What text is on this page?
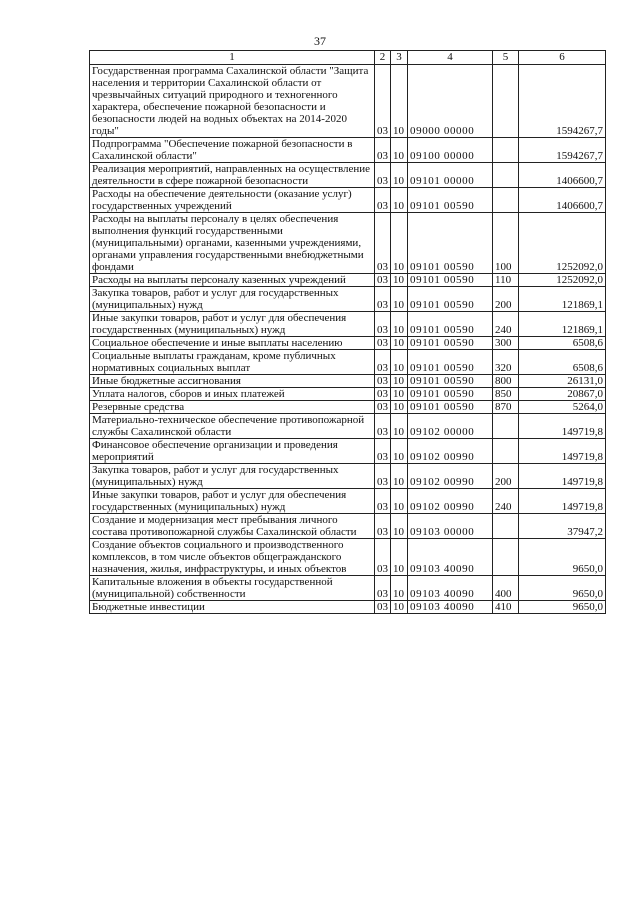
37
1	2	3	4	5	6
Государственная программа Сахалинской области "Защита населения и территории Сахалинской области от чрезвычайных ситуаций природного и техногенного характера, обеспечение пожарной безопасности и безопасности людей на водных объектах на 2014-2020 годы"	03	10	09000 00000		1594267,7
Подпрограмма "Обеспечение пожарной безопасности в Сахалинской области"	03	10	09100 00000		1594267,7
Реализация мероприятий, направленных на осуществление деятельности в сфере пожарной безопасности	03	10	09101 00000		1406600,7
Расходы на обеспечение деятельности (оказание услуг) государственных учреждений	03	10	09101 00590		1406600,7
Расходы на выплаты персоналу в целях обеспечения выполнения функций государственными (муниципальными) органами, казенными учреждениями, органами управления государственными внебюджетными фондами	03	10	09101 00590	100	1252092,0
Расходы на выплаты персоналу казенных учреждений	03	10	09101 00590	110	1252092,0
Закупка товаров, работ и услуг для государственных (муниципальных) нужд	03	10	09101 00590	200	121869,1
Иные закупки товаров, работ и услуг для обеспечения государственных (муниципальных) нужд	03	10	09101 00590	240	121869,1
Социальное обеспечение и иные выплаты населению	03	10	09101 00590	300	6508,6
Социальные выплаты гражданам, кроме публичных нормативных социальных выплат	03	10	09101 00590	320	6508,6
Иные бюджетные ассигнования	03	10	09101 00590	800	26131,0
Уплата налогов, сборов и иных платежей	03	10	09101 00590	850	20867,0
Резервные средства	03	10	09101 00590	870	5264,0
Материально-техническое обеспечение противопожарной службы Сахалинской области	03	10	09102 00000		149719,8
Финансовое обеспечение организации и проведения мероприятий	03	10	09102 00990		149719,8
Закупка товаров, работ и услуг для государственных (муниципальных) нужд	03	10	09102 00990	200	149719,8
Иные закупки товаров, работ и услуг для обеспечения государственных (муниципальных) нужд	03	10	09102 00990	240	149719,8
Создание и модернизация мест пребывания личного состава противопожарной службы Сахалинской области	03	10	09103 00000		37947,2
Создание объектов социального и производственного комплексов, в том числе объектов общегражданского назначения, жилья, инфраструктуры, и иных объектов	03	10	09103 40090		9650,0
Капитальные вложения в объекты государственной (муниципальной) собственности	03	10	09103 40090	400	9650,0
Бюджетные инвестиции	03	10	09103 40090	410	9650,0
